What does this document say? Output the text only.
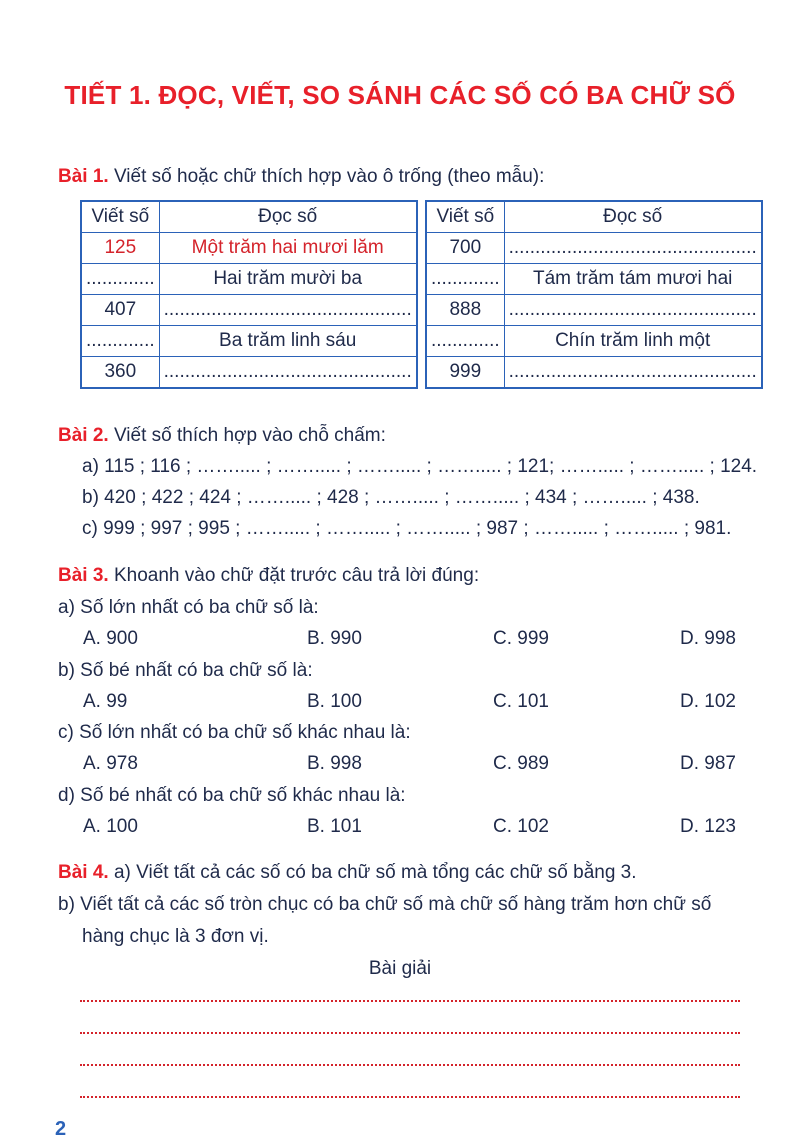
TIẾT 1. ĐỌC, VIẾT, SO SÁNH CÁC SỐ CÓ BA CHỮ SỐ
Bài 1. Viết số hoặc chữ thích hợp vào ô trống (theo mẫu):
Viết số	Đọc số
125	Một trăm hai mươi lăm
.............	Hai trăm mười ba
407	...............................................
.............	Ba trăm linh sáu
360	...............................................
Viết số	Đọc số
700	...............................................
.............	Tám trăm tám mươi hai
888	...............................................
.............	Chín trăm linh một
999	...............................................
Bài 2. Viết số thích hợp vào chỗ chấm:
a) 115 ; 116 ; ……..... ; ……..... ; ……..... ; ……..... ; 121; ……..... ; ……..... ; 124.
b) 420 ; 422 ; 424 ; ……..... ; 428 ; ……..... ; ……..... ; 434 ; ……..... ; 438.
c) 999 ; 997 ; 995 ; ……..... ; ……..... ; ……..... ; 987 ; ……..... ; ……..... ; 981.
Bài 3. Khoanh vào chữ đặt trước câu trả lời đúng:
a) Số lớn nhất có ba chữ số là:
A. 900	B. 990	C. 999	D. 998
b) Số bé nhất có ba chữ số là:
A. 99	B. 100	C. 101	D. 102
c) Số lớn nhất có ba chữ số khác nhau là:
A. 978	B. 998	C. 989	D. 987
d) Số bé nhất có ba chữ số khác nhau là:
A. 100	B. 101	C. 102	D. 123
Bài 4. a) Viết tất cả các số có ba chữ số mà tổng các chữ số bằng 3.
b) Viết tất cả các số tròn chục có ba chữ số mà chữ số hàng trăm hơn chữ số
hàng chục là 3 đơn vị.
Bài giải
2
